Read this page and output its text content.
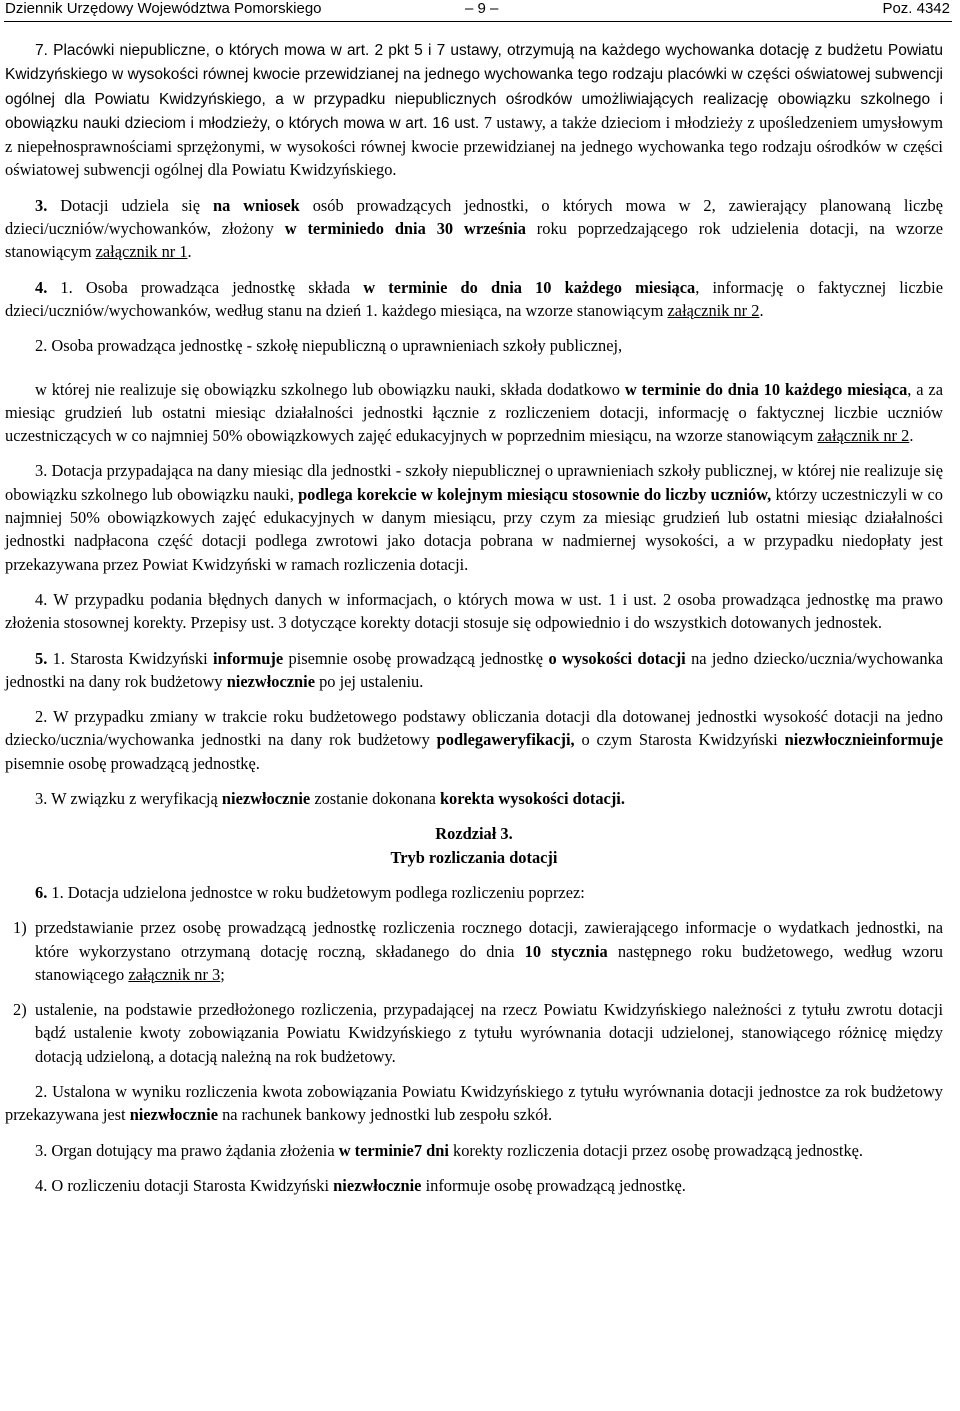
Dziennik Urzędowy Województwa Pomorskiego	– 9 –	Poz. 4342

7. Placówki niepubliczne, o których mowa w art. 2 pkt 5 i 7 ustawy, otrzymują na każdego wychowanka dotację z budżetu Powiatu Kwidzyńskiego w wysokości równej kwocie przewidzianej na jednego wychowanka tego rodzaju placówki w części oświatowej subwencji ogólnej dla Powiatu Kwidzyńskiego, a w przypadku niepublicznych ośrodków umożliwiających realizację obowiązku szkolnego i obowiązku nauki dzieciom i młodzieży, o których mowa w art. 16 ust. 7 ustawy, a także dzieciom i młodzieży z upośledzeniem umysłowym z niepełnosprawnościami sprzężonymi, w wysokości równej kwocie przewidzianej na jednego wychowanka tego rodzaju ośrodków w części oświatowej subwencji ogólnej dla Powiatu Kwidzyńskiego.

3. Dotacji udziela się na wniosek osób prowadzących jednostki, o których mowa w 2, zawierający planowaną liczbę dzieci/uczniów/wychowanków, złożony w terminiedo dnia 30 września roku poprzedzającego rok udzielenia dotacji, na wzorze stanowiącym załącznik nr 1.

4. 1. Osoba prowadząca jednostkę składa w terminie do dnia 10 każdego miesiąca, informację o faktycznej liczbie dzieci/uczniów/wychowanków, według stanu na dzień 1. każdego miesiąca, na wzorze stanowiącym załącznik nr 2.

2. Osoba prowadząca jednostkę - szkołę niepubliczną o uprawnieniach szkoły publicznej,

w której nie realizuje się obowiązku szkolnego lub obowiązku nauki, składa dodatkowo w terminie do dnia 10 każdego miesiąca, a za miesiąc grudzień lub ostatni miesiąc działalności jednostki łącznie z rozliczeniem dotacji, informację o faktycznej liczbie uczniów uczestniczących w co najmniej 50% obowiązkowych zajęć edukacyjnych w poprzednim miesiącu, na wzorze stanowiącym załącznik nr 2.

3. Dotacja przypadająca na dany miesiąc dla jednostki - szkoły niepublicznej o uprawnieniach szkoły publicznej, w której nie realizuje się obowiązku szkolnego lub obowiązku nauki, podlega korekcie w kolejnym miesiącu stosownie do liczby uczniów, którzy uczestniczyli w co najmniej 50% obowiązkowych zajęć edukacyjnych w danym miesiącu, przy czym za miesiąc grudzień lub ostatni miesiąc działalności jednostki nadpłacona część dotacji podlega zwrotowi jako dotacja pobrana w nadmiernej wysokości, a w przypadku niedopłaty jest przekazywana przez Powiat Kwidzyński w ramach rozliczenia dotacji.

4. W przypadku podania błędnych danych w informacjach, o których mowa w ust. 1 i ust. 2 osoba prowadząca jednostkę ma prawo złożenia stosownej korekty. Przepisy ust. 3 dotyczące korekty dotacji stosuje się odpowiednio i do wszystkich dotowanych jednostek.

5. 1. Starosta Kwidzyński informuje pisemnie osobę prowadzącą jednostkę o wysokości dotacji na jedno dziecko/ucznia/wychowanka jednostki na dany rok budżetowy niezwłocznie po jej ustaleniu.

2. W przypadku zmiany w trakcie roku budżetowego podstawy obliczania dotacji dla dotowanej jednostki wysokość dotacji na jedno dziecko/ucznia/wychowanka jednostki na dany rok budżetowy podlegaweryfikacji, o czym Starosta Kwidzyński niezwłocznieinformuje pisemnie osobę prowadzącą jednostkę.

3. W związku z weryfikacją niezwłocznie zostanie dokonana korekta wysokości dotacji.

Rozdział 3.

Tryb rozliczania dotacji

6. 1. Dotacja udzielona jednostce w roku budżetowym podlega rozliczeniu poprzez:

1) przedstawianie przez osobę prowadzącą jednostkę rozliczenia rocznego dotacji, zawierającego informacje o wydatkach jednostki, na które wykorzystano otrzymaną dotację roczną, składanego do dnia 10 stycznia następnego roku budżetowego, według wzoru stanowiącego załącznik nr 3;

2) ustalenie, na podstawie przedłożonego rozliczenia, przypadającej na rzecz Powiatu Kwidzyńskiego należności z tytułu zwrotu dotacji bądź ustalenie kwoty zobowiązania Powiatu Kwidzyńskiego z tytułu wyrównania dotacji udzielonej, stanowiącego różnicę między dotacją udzieloną, a dotacją należną na rok budżetowy.

2. Ustalona w wyniku rozliczenia kwota zobowiązania Powiatu Kwidzyńskiego z tytułu wyrównania dotacji jednostce za rok budżetowy przekazywana jest niezwłocznie na rachunek bankowy jednostki lub zespołu szkół.

3. Organ dotujący ma prawo żądania złożenia w terminie7 dni korekty rozliczenia dotacji przez osobę prowadzącą jednostkę.

4. O rozliczeniu dotacji Starosta Kwidzyński niezwłocznie informuje osobę prowadzącą jednostkę.
